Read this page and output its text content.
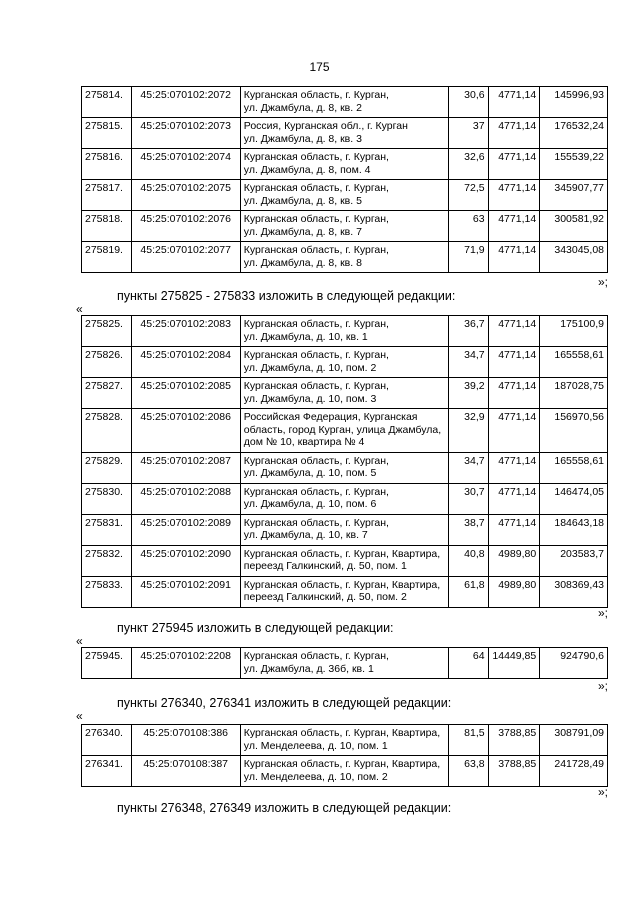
175
275814.	45:25:070102:2072	Курганская область, г. Курган,
ул. Джамбула, д. 8, кв. 2	30,6	4771,14	145996,93
275815.	45:25:070102:2073	Россия, Курганская обл., г. Курган
ул. Джамбула, д. 8, кв. 3	37	4771,14	176532,24
275816.	45:25:070102:2074	Курганская область, г. Курган,
ул. Джамбула, д. 8, пом. 4	32,6	4771,14	155539,22
275817.	45:25:070102:2075	Курганская область, г. Курган,
ул. Джамбула, д. 8, кв. 5	72,5	4771,14	345907,77
275818.	45:25:070102:2076	Курганская область, г. Курган,
ул. Джамбула, д. 8, кв. 7	63	4771,14	300581,92
275819.	45:25:070102:2077	Курганская область, г. Курган,
ул. Джамбула, д. 8, кв. 8	71,9	4771,14	343045,08
»;
пункты 275825 - 275833 изложить в следующей редакции:
«
275825.	45:25:070102:2083	Курганская область, г. Курган,
ул. Джамбула, д. 10, кв. 1	36,7	4771,14	175100,9
275826.	45:25:070102:2084	Курганская область, г. Курган,
ул. Джамбула, д. 10, пом. 2	34,7	4771,14	165558,61
275827.	45:25:070102:2085	Курганская область, г. Курган,
ул. Джамбула, д. 10, пом. 3	39,2	4771,14	187028,75
275828.	45:25:070102:2086	Российская Федерация, Курганская
область, город Курган, улица Джамбула,
дом № 10, квартира № 4	32,9	4771,14	156970,56
275829.	45:25:070102:2087	Курганская область, г. Курган,
ул. Джамбула, д. 10, пом. 5	34,7	4771,14	165558,61
275830.	45:25:070102:2088	Курганская область, г. Курган,
ул. Джамбула, д. 10, пом. 6	30,7	4771,14	146474,05
275831.	45:25:070102:2089	Курганская область, г. Курган,
ул. Джамбула, д. 10, кв. 7	38,7	4771,14	184643,18
275832.	45:25:070102:2090	Курганская область, г. Курган, Квартира,
переезд Галкинский, д. 50, пом. 1	40,8	4989,80	203583,7
275833.	45:25:070102:2091	Курганская область, г. Курган, Квартира,
переезд Галкинский, д. 50, пом. 2	61,8	4989,80	308369,43
»;
пункт 275945 изложить в следующей редакции:
«
275945.	45:25:070102:2208	Курганская область, г. Курган,
ул. Джамбула, д. 36б, кв. 1
	64	14449,85	924790,6
»;
пункты 276340, 276341 изложить в следующей редакции:
«
276340.	45:25:070108:386	Курганская область, г. Курган, Квартира,
ул. Менделеева, д. 10, пом. 1	81,5	3788,85	308791,09
276341.	45:25:070108:387	Курганская область, г. Курган, Квартира,
ул. Менделеева, д. 10, пом. 2	63,8	3788,85	241728,49
»;
пункты 276348, 276349 изложить в следующей редакции:
